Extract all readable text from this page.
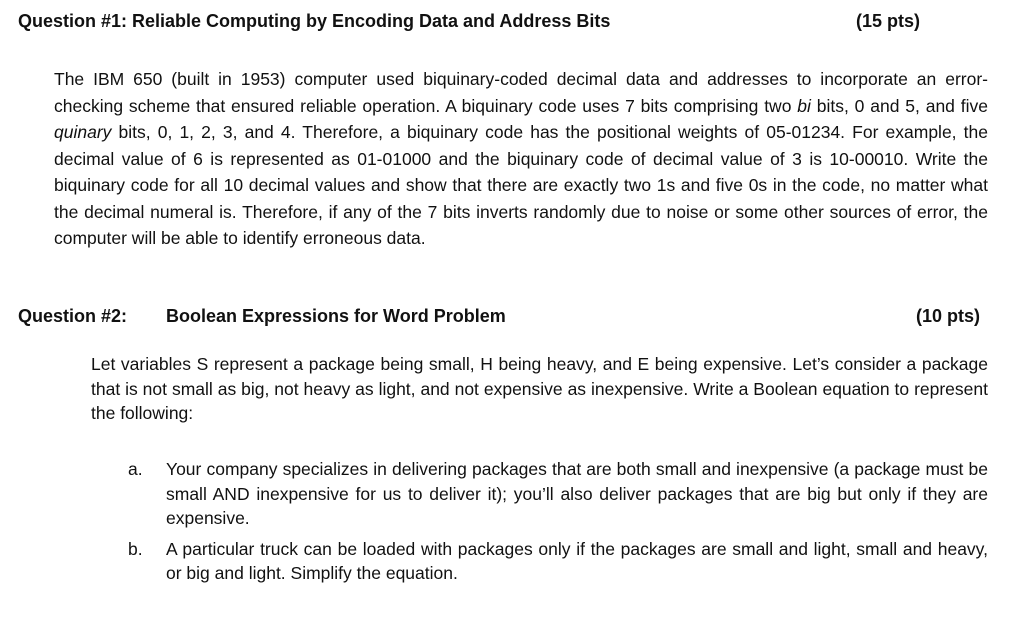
Question #1: Reliable Computing by Encoding Data and Address Bits	(15 pts)

The IBM 650 (built in 1953) computer used biquinary-coded decimal data and addresses to incorporate an error-checking scheme that ensured reliable operation. A biquinary code uses 7 bits comprising two bi bits, 0 and 5, and five quinary bits, 0, 1, 2, 3, and 4. Therefore, a biquinary code has the positional weights of 05-01234. For example, the decimal value of 6 is represented as 01-01000 and the biquinary code of decimal value of 3 is 10-00010. Write the biquinary code for all 10 decimal values and show that there are exactly two 1s and five 0s in the code, no matter what the decimal numeral is. Therefore, if any of the 7 bits inverts randomly due to noise or some other sources of error, the computer will be able to identify erroneous data.

Question #2: Boolean Expressions for Word Problem	(10 pts)

Let variables S represent a package being small, H being heavy, and E being expensive. Let’s consider a package that is not small as big, not heavy as light, and not expensive as inexpensive. Write a Boolean equation to represent the following:

a. Your company specializes in delivering packages that are both small and inexpensive (a package must be small AND inexpensive for us to deliver it); you’ll also deliver packages that are big but only if they are expensive.
b. A particular truck can be loaded with packages only if the packages are small and light, small and heavy, or big and light. Simplify the equation.
